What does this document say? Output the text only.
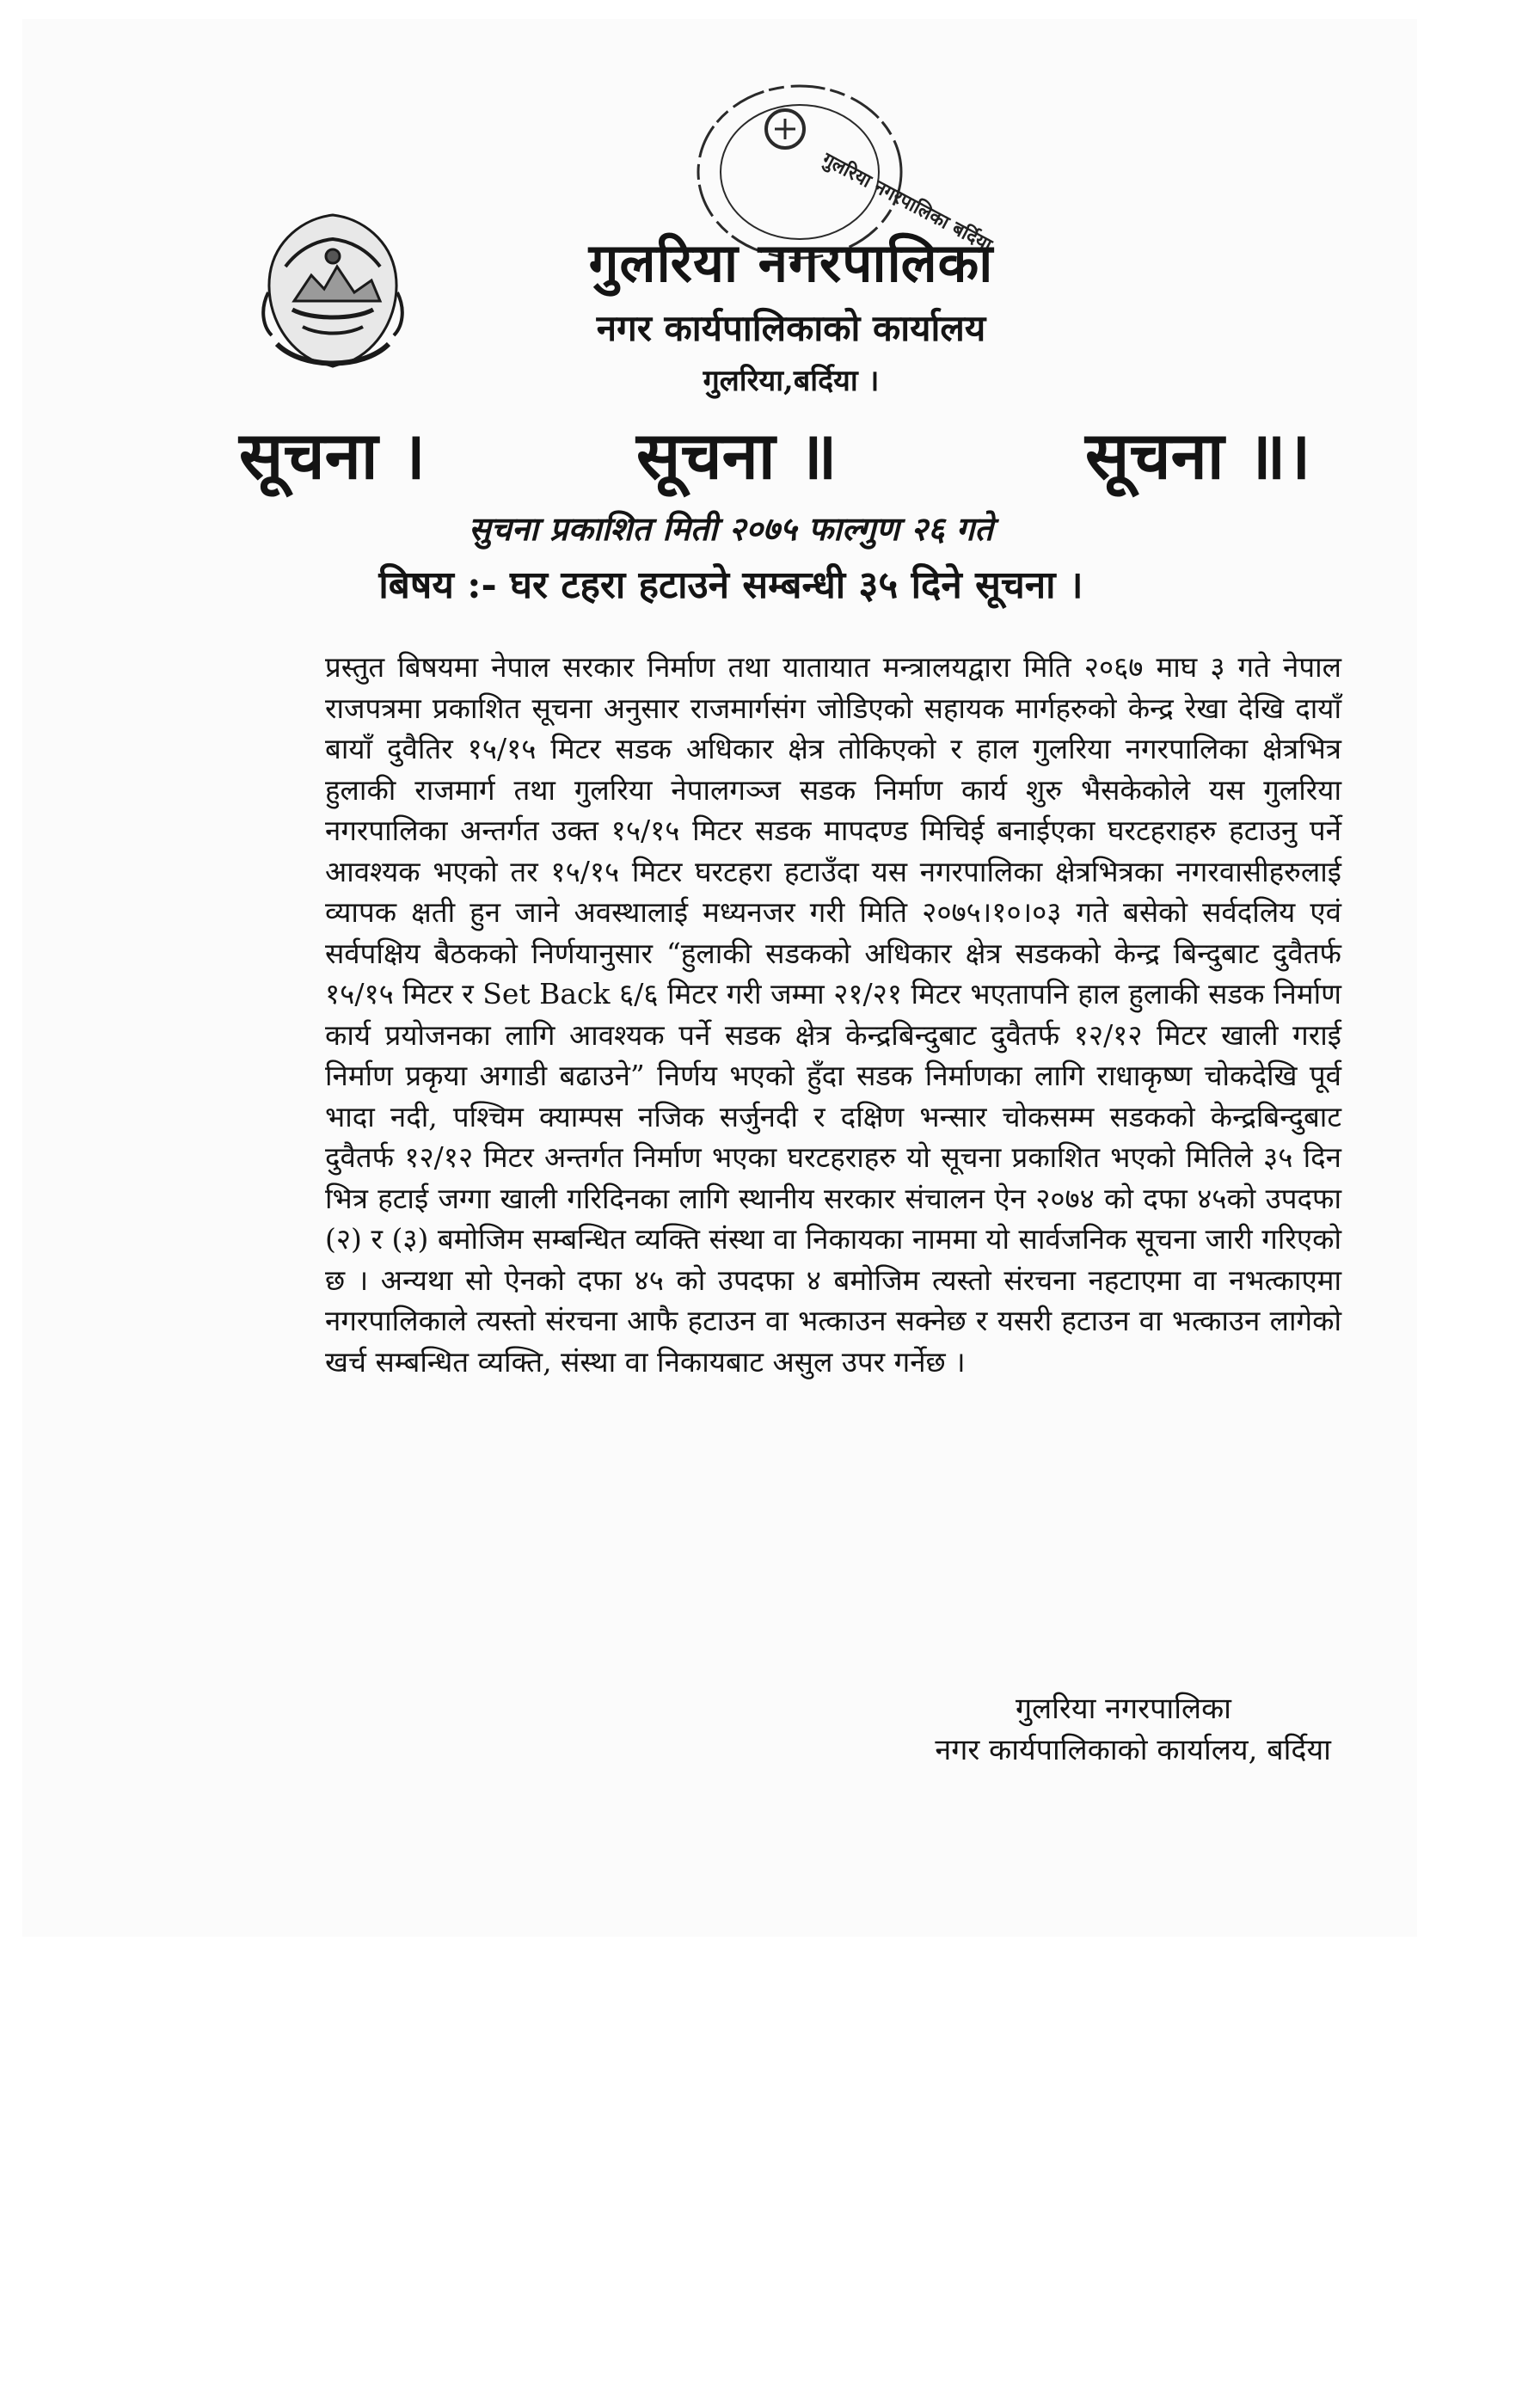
गुलरिया नगरपालिका बर्दिया
गुलरिया नगरपालिका
नगर कार्यपालिकाको कार्यालय
गुलरिया,बर्दिया ।
सूचना ।	सूचना ॥	सूचना ॥।
सुचना प्रकाशित मिती २०७५ फाल्गुण २६ गते
बिषय :- घर टहरा हटाउने सम्बन्धी ३५ दिने सूचना ।
प्रस्तुत बिषयमा नेपाल सरकार निर्माण तथा यातायात मन्त्रालयद्वारा मिति २०६७ माघ ३ गते नेपाल राजपत्रमा प्रकाशित सूचना अनुसार राजमार्गसंग जोडिएको सहायक मार्गहरुको केन्द्र रेखा देखि दायाँ बायाँ दुवैतिर १५/१५ मिटर सडक अधिकार क्षेत्र तोकिएको र हाल गुलरिया नगरपालिका क्षेत्रभित्र हुलाकी राजमार्ग तथा गुलरिया नेपालगञ्ज सडक निर्माण कार्य शुरु भैसकेकोले यस गुलरिया नगरपालिका अन्तर्गत उक्त १५/१५ मिटर सडक मापदण्ड मिचिई बनाईएका घरटहराहरु हटाउनु पर्ने आवश्यक भएको तर १५/१५ मिटर घरटहरा हटाउँदा यस नगरपालिका क्षेत्रभित्रका नगरवासीहरुलाई व्यापक क्षती हुन जाने अवस्थालाई मध्यनजर गरी मिति २०७५।१०।०३ गते बसेको सर्वदलिय एवं सर्वपक्षिय बैठकको निर्णयानुसार “हुलाकी सडकको अधिकार क्षेत्र सडकको केन्द्र बिन्दुबाट दुवैतर्फ १५/१५ मिटर र Set Back ६/६ मिटर गरी जम्मा २१/२१ मिटर भएतापनि हाल हुलाकी सडक निर्माण कार्य प्रयोजनका लागि आवश्यक पर्ने सडक क्षेत्र केन्द्रबिन्दुबाट दुवैतर्फ १२/१२ मिटर खाली गराई निर्माण प्रकृया अगाडी बढाउने” निर्णय भएको हुँदा सडक निर्माणका लागि राधाकृष्ण चोकदेखि पूर्व भादा नदी, पश्चिम क्याम्पस नजिक सर्जुनदी र दक्षिण भन्सार चोकसम्म सडकको केन्द्रबिन्दुबाट दुवैतर्फ १२/१२ मिटर अन्तर्गत निर्माण भएका घरटहराहरु यो सूचना प्रकाशित भएको मितिले ३५ दिन भित्र हटाई जग्गा खाली गरिदिनका लागि स्थानीय सरकार संचालन ऐन २०७४ को दफा ४५को उपदफा (२) र (३) बमोजिम सम्बन्धित व्यक्ति संस्था वा निकायका नाममा यो सार्वजनिक सूचना जारी गरिएको छ । अन्यथा सो ऐनको दफा ४५ को उपदफा ४ बमोजिम त्यस्तो संरचना नहटाएमा वा नभत्काएमा नगरपालिकाले त्यस्तो संरचना आफै हटाउन वा भत्काउन सक्नेछ र यसरी हटाउन वा भत्काउन लागेको खर्च सम्बन्धित व्यक्ति, संस्था वा निकायबाट असुल उपर गर्नेछ ।
गुलरिया नगरपालिका
नगर कार्यपालिकाको कार्यालय, बर्दिया
